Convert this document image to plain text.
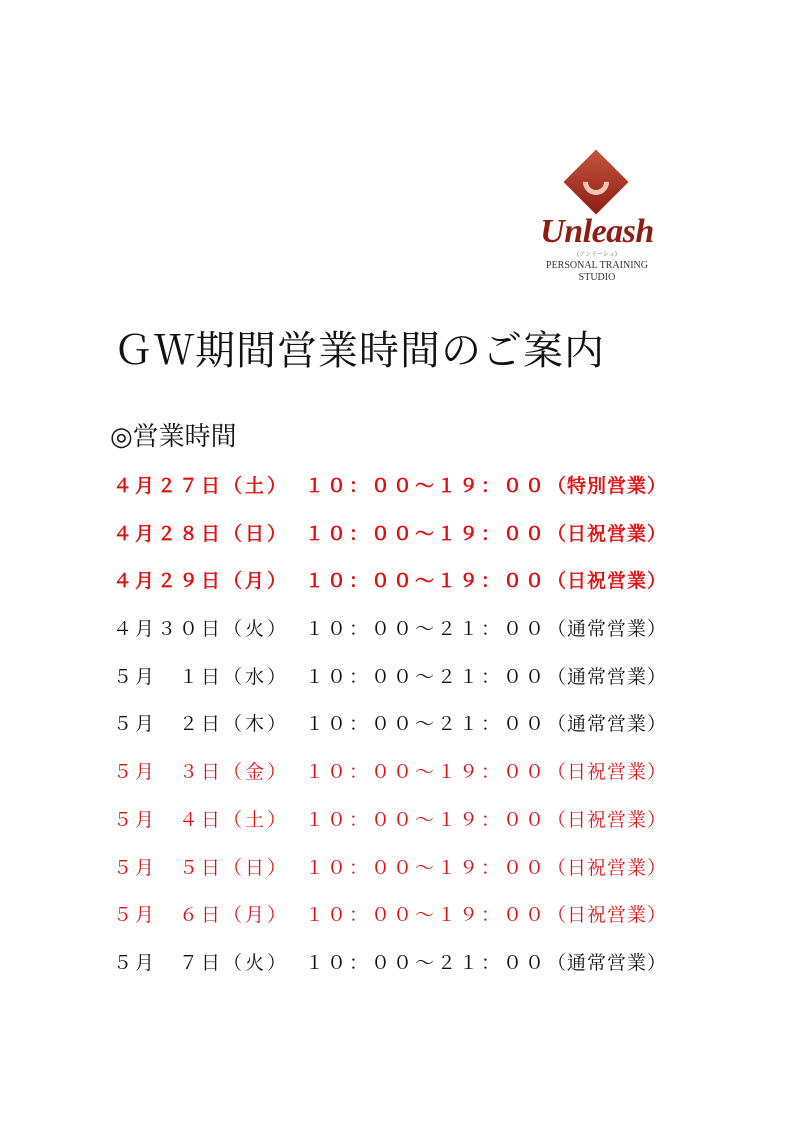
Unleash
(アンリーシュ)
PERSONAL TRAINING
STUDIO
ＧＷ期間営業時間のご案内
◎営業時間
４月２７日（土） １０：００〜１９：００ （特別営業）
４月２８日（日） １０：００〜１９：００ （日祝営業）
４月２９日（月） １０：００〜１９：００ （日祝営業）
４月３０日（火） １０：００〜２１：００ （通常営業）
５月　１日（水） １０：００〜２１：００ （通常営業）
５月　２日（木） １０：００〜２１：００ （通常営業）
５月　３日（金） １０：００〜１９：００ （日祝営業）
５月　４日（土） １０：００〜１９：００ （日祝営業）
５月　５日（日） １０：００〜１９：００ （日祝営業）
５月　６日（月） １０：００〜１９：００ （日祝営業）
５月　７日（火） １０：００〜２１：００ （通常営業）
